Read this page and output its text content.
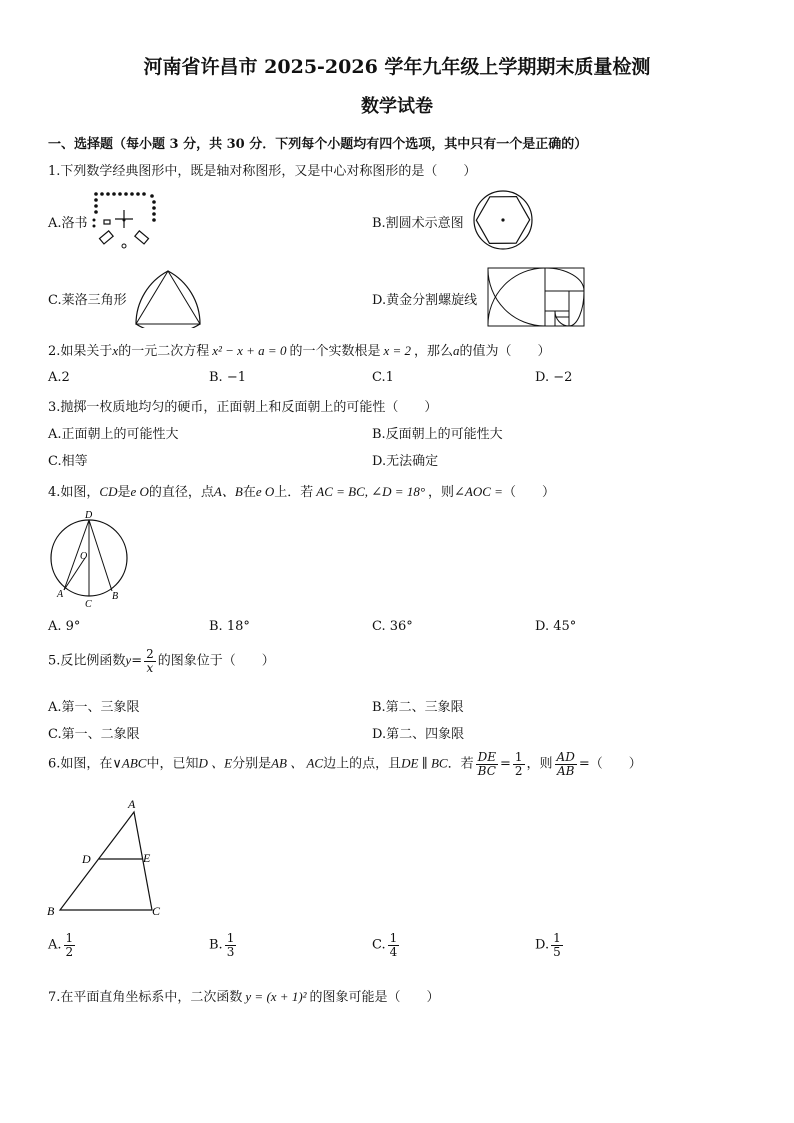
河南省许昌市 2025-2026 学年九年级上学期期末质量检测
数学试卷
一、选择题（每小题 3 分，共 30 分．下列每个小题均有四个选项，其中只有一个是正确的）
1.下列数学经典图形中，既是轴对称图形，又是中心对称图形的是（　　）
A.洛书	B.割圆术示意图
C.莱洛三角形	D.黄金分割螺旋线
2.如果关于x的一元二次方程 x² − x + a = 0 的一个实数根是 x = 2 ，那么a的值为（　　）
A.2	B. −1	C.1	D. −2
3.抛掷一枚质地均匀的硬币，正面朝上和反面朝上的可能性（　　）
A.正面朝上的可能性大	B.反面朝上的可能性大
C.相等	D.无法确定
4.如图，CD是e O的直径，点A、B在e O上．若 AC = BC, ∠D = 18° ，则∠AOC =（　　）
D
O
A
C
B
A. 9°	B. 18°	C. 36°	D. 45°
5.反比例函数$y= \frac{2}{x}$ 的图象位于（　　）
A.第一、三象限	B.第二、三象限
C.第一、二象限	D.第二、四象限
6.如图，在∨ABC中，已知D 、E分别是AB 、 AC边上的点，且DE ∥ BC．若 $\frac{DE}{BC} = \frac{1}{2}$ ，则 $\frac{AD}{AB}$ =（　　）
A
D	E
B	C
A. $\frac{1}{2}$	B. $\frac{1}{3}$	C. $\frac{1}{4}$	D. $\frac{1}{5}$
7.在平面直角坐标系中，二次函数 y = (x + 1)² 的图象可能是（　　）
